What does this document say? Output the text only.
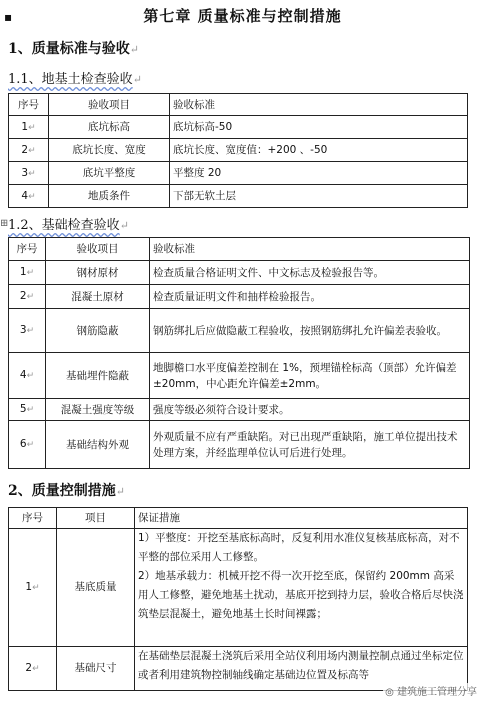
▪	第七章 质量标准与控制措施
1、质量标准与验收↵
1.1、地基土检查验收↵
序号	验收项目	验收标准
1↵	底坑标高	底坑标高-50
2↵	底坑长度、宽度	底坑长度、宽度值：+200 、-50
3↵	底坑平整度	平整度 20
4↵	地质条件	下部无软土层
⊞ 1.2、基础检查验收↵
序号	验收项目	验收标准
1↵	钢材原材	检查质量合格证明文件、中文标志及检验报告等。
2↵	混凝土原材	检查质量证明文件和抽样检验报告。
3↵	钢筋隐蔽	钢筋绑扎后应做隐蔽工程验收，按照钢筋绑扎允许偏差表验收。
4↵	基础埋件隐蔽	地脚檐口水平度偏差控制在 1%，预埋锚栓标高（顶部）允许偏差±20mm，中心距允许偏差±2mm。
5↵	混凝土强度等级	强度等级必须符合设计要求。
6↵	基础结构外观	外观质量不应有严重缺陷。对已出现严重缺陷，施工单位提出技术处理方案，并经监理单位认可后进行处理。
2、质量控制措施↵
序号	项目	保证措施
1↵	基底质量	1）平整度：开挖至基底标高时，反复利用水准仪复核基底标高，对不平整的部位采用人工修整。
2）地基承载力：机械开挖不得一次开挖至底，保留约 200mm 高采用人工修整，避免地基土扰动，基底开挖到持力层，验收合格后尽快浇筑垫层混凝土，避免地基土长时间裸露；

2↵	基础尺寸	在基础垫层混凝土浇筑后采用全站仪利用场内测量控制点通过坐标定位或者利用建筑物控制轴线确定基础边位置及标高等
◎ 建筑施工管理分享
